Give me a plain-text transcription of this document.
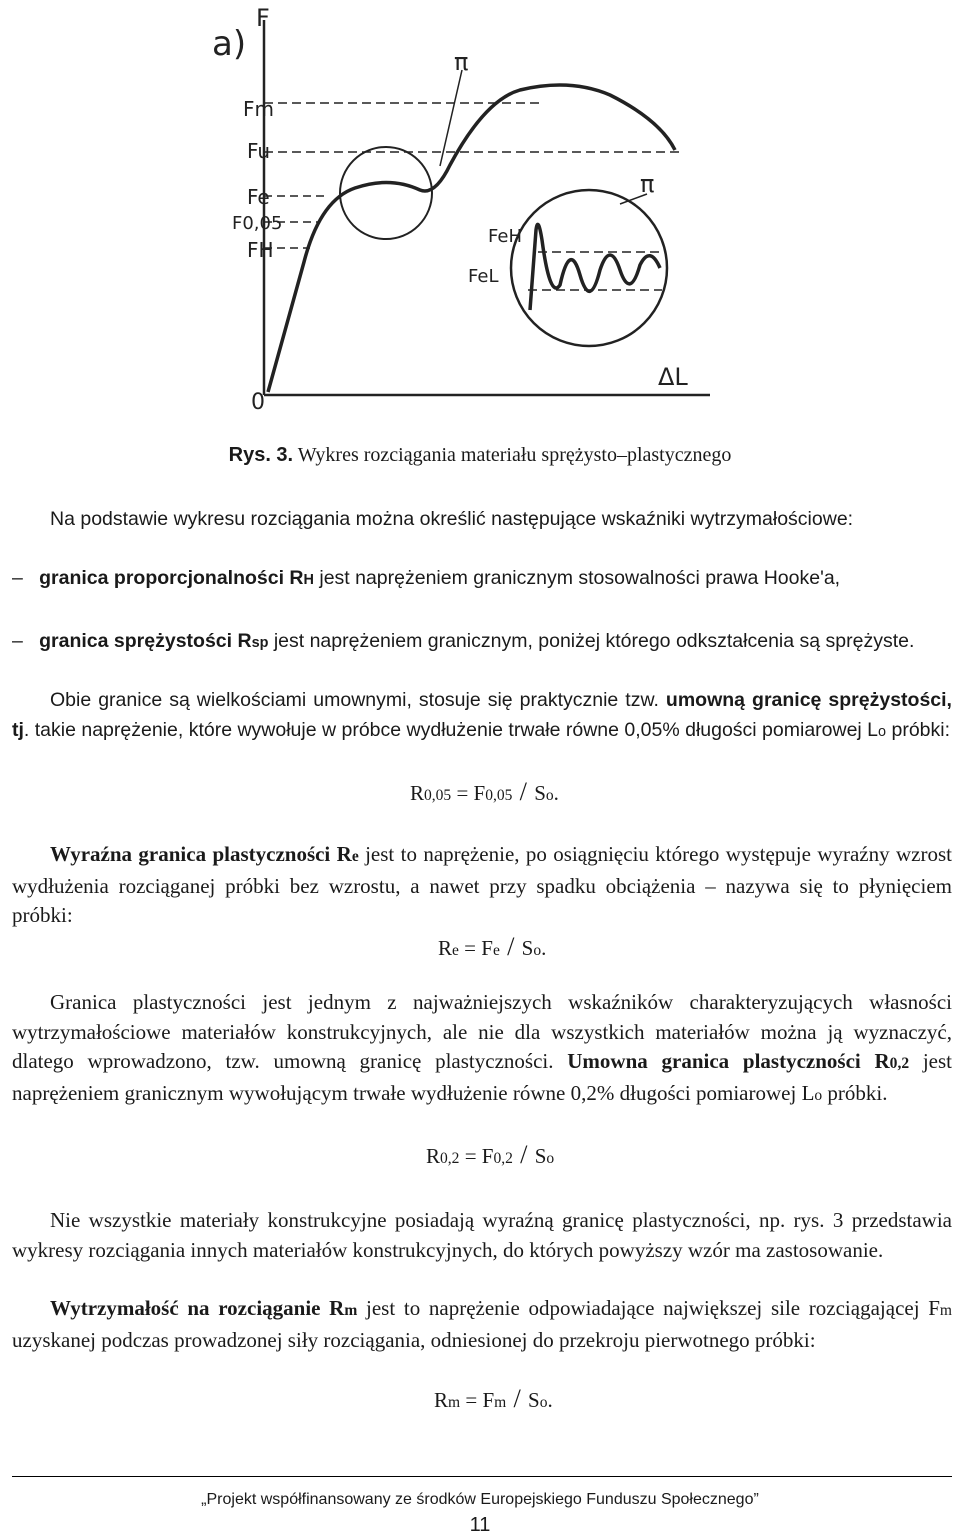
a)
F
0
ΔL
π
π
Fm
Fu
Fe
F0,05
FH
FeH
FeL
Rys. 3. Wykres rozciągania materiału sprężysto–plastycznego
Na podstawie wykresu rozciągania można określić następujące wskaźniki wytrzymałościowe:
– granica proporcjonalności RH jest naprężeniem granicznym stosowalności prawa Hooke'a,
– granica sprężystości Rsp jest naprężeniem granicznym, poniżej którego odkształcenia są sprężyste.
Obie granice są wielkościami umownymi, stosuje się praktycznie tzw. umowną granicę sprężystości, tj. takie naprężenie, które wywołuje w próbce wydłużenie trwałe równe 0,05% długości pomiarowej Lo próbki:
R0,05 = F0,05 / So.
Wyraźna granica plastyczności Re jest to naprężenie, po osiągnięciu którego występuje wyraźny wzrost wydłużenia rozciąganej próbki bez wzrostu, a nawet przy spadku obciążenia – nazywa się to płynięciem próbki:
Re = Fe / So.
Granica plastyczności jest jednym z najważniejszych wskaźników charakteryzujących własności wytrzymałościowe materiałów konstrukcyjnych, ale nie dla wszystkich materiałów można ją wyznaczyć, dlatego wprowadzono, tzw. umowną granicę plastyczności. Umowna granica plastyczności R0,2 jest naprężeniem granicznym wywołującym trwałe wydłużenie równe 0,2% długości pomiarowej Lo próbki.
R0,2 = F0,2 / So
Nie wszystkie materiały konstrukcyjne posiadają wyraźną granicę plastyczności, np. rys. 3 przedstawia wykresy rozciągania innych materiałów konstrukcyjnych, do których powyższy wzór ma zastosowanie.
Wytrzymałość na rozciąganie Rm jest to naprężenie odpowiadające największej sile rozciągającej Fm uzyskanej podczas prowadzonej siły rozciągania, odniesionej do przekroju pierwotnego próbki:
Rm = Fm / So.
„Projekt współfinansowany ze środków Europejskiego Funduszu Społecznego”
11
